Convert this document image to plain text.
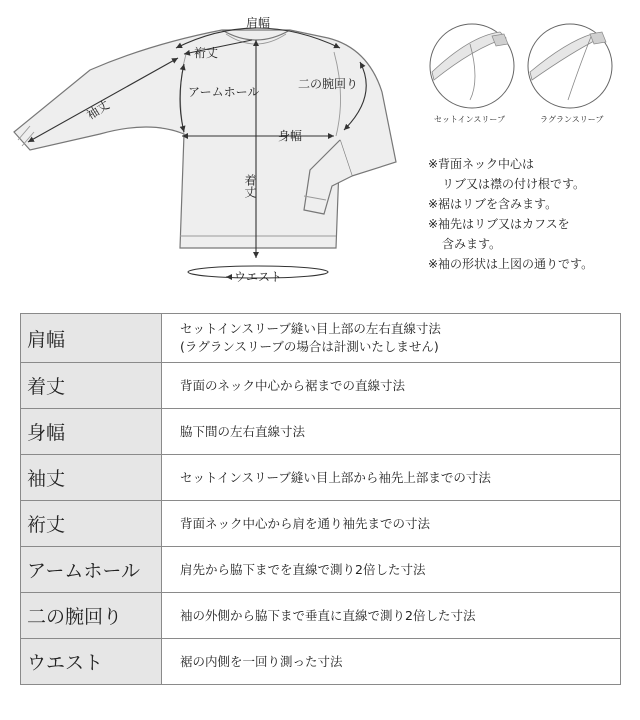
肩幅
裄丈
アームホール
二の腕回り
袖丈
身幅
着丈
ウエスト
セットインスリーブ	ラグランスリーブ
※背面ネック中心は
リブ又は襟の付け根です。
※裾はリブを含みます。
※袖先はリブ又はカフスを
含みます。
※袖の形状は上図の通りです。
肩幅	セットインスリーブ縫い目上部の左右直線寸法
(ラグランスリーブの場合は計測いたしません)

着丈	背面のネック中心から裾までの直線寸法
身幅	脇下間の左右直線寸法
袖丈	セットインスリーブ縫い目上部から袖先上部までの寸法
裄丈	背面ネック中心から肩を通り袖先までの寸法
アームホール	肩先から脇下までを直線で測り2倍した寸法
二の腕回り	袖の外側から脇下まで垂直に直線で測り2倍した寸法
ウエスト	裾の内側を一回り測った寸法
